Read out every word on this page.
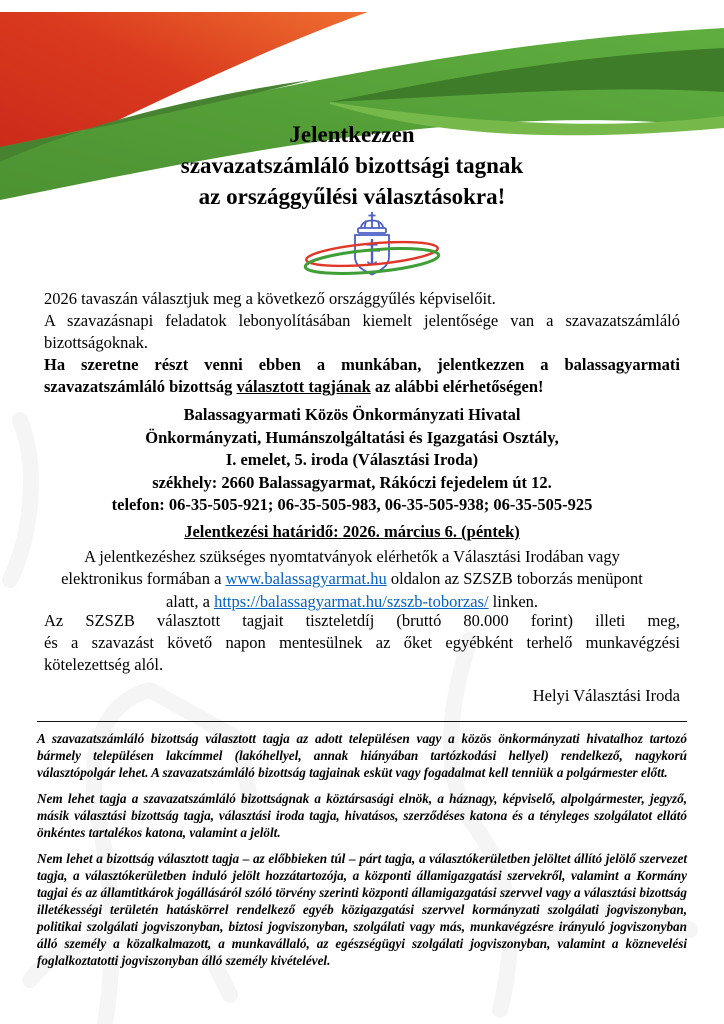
Jelentkezzen
szavazatszámláló bizottsági tagnak
az országgyűlési választásokra!
2026 tavaszán választjuk meg a következő országgyűlés képviselőit.
A szavazásnapi feladatok lebonyolításában kiemelt jelentősége van a szavazatszámláló
bizottságoknak.
Ha szeretne részt venni ebben a munkában, jelentkezzen a balassagyarmati
szavazatszámláló bizottság választott tagjának az alábbi elérhetőségen!
Balassagyarmati Közös Önkormányzati Hivatal
Önkormányzati, Humánszolgáltatási és Igazgatási Osztály,
I. emelet, 5. iroda (Választási Iroda)
székhely: 2660 Balassagyarmat, Rákóczi fejedelem út 12.
telefon: 06-35-505-921; 06-35-505-983, 06-35-505-938; 06-35-505-925
Jelentkezési határidő: 2026. március 6. (péntek)
A jelentkezéshez szükséges nyomtatványok elérhetők a Választási Irodában vagy
elektronikus formában a www.balassagyarmat.hu oldalon az SZSZB toborzás menüpont
alatt, a https://balassagyarmat.hu/szszb-toborzas/ linken.
Az SZSZB választott tagjait tiszteletdíj (bruttó 80.000 forint) illeti meg,
és a szavazást követő napon mentesülnek az őket egyébként terhelő munkavégzési
kötelezettség alól.
Helyi Választási Iroda

A szavazatszámláló bizottság választott tagja az adott településen vagy a közös önkormányzati hivatalhoz tartozó bármely településen lakcímmel (lakóhellyel, annak hiányában tartózkodási hellyel) rendelkező, nagykorú választópolgár lehet. A szavazatszámláló bizottság tagjainak esküt vagy fogadalmat kell tenniük a polgármester előtt.

Nem lehet tagja a szavazatszámláló bizottságnak a köztársasági elnök, a háznagy, képviselő, alpolgármester, jegyző, másik választási bizottság tagja, választási iroda tagja, hivatásos, szerződéses katona és a tényleges szolgálatot ellátó önkéntes tartalékos katona, valamint a jelölt.

Nem lehet a bizottság választott tagja – az előbbieken túl – párt tagja, a választókerületben jelöltet állító jelölő szervezet tagja, a választókerületben induló jelölt hozzátartozója, a központi államigazgatási szervekről, valamint a Kormány tagjai és az államtitkárok jogállásáról szóló törvény szerinti központi államigazgatási szervvel vagy a választási bizottság illetékességi területén hatáskörrel rendelkező egyéb közigazgatási szervvel kormányzati szolgálati jogviszonyban, politikai szolgálati jogviszonyban, biztosi jogviszonyban, szolgálati vagy más, munkavégzésre irányuló jogviszonyban álló személy a közalkalmazott, a munkavállaló, az egészségügyi szolgálati jogviszonyban, valamint a köznevelési foglalkoztatotti jogviszonyban álló személy kivételével.
